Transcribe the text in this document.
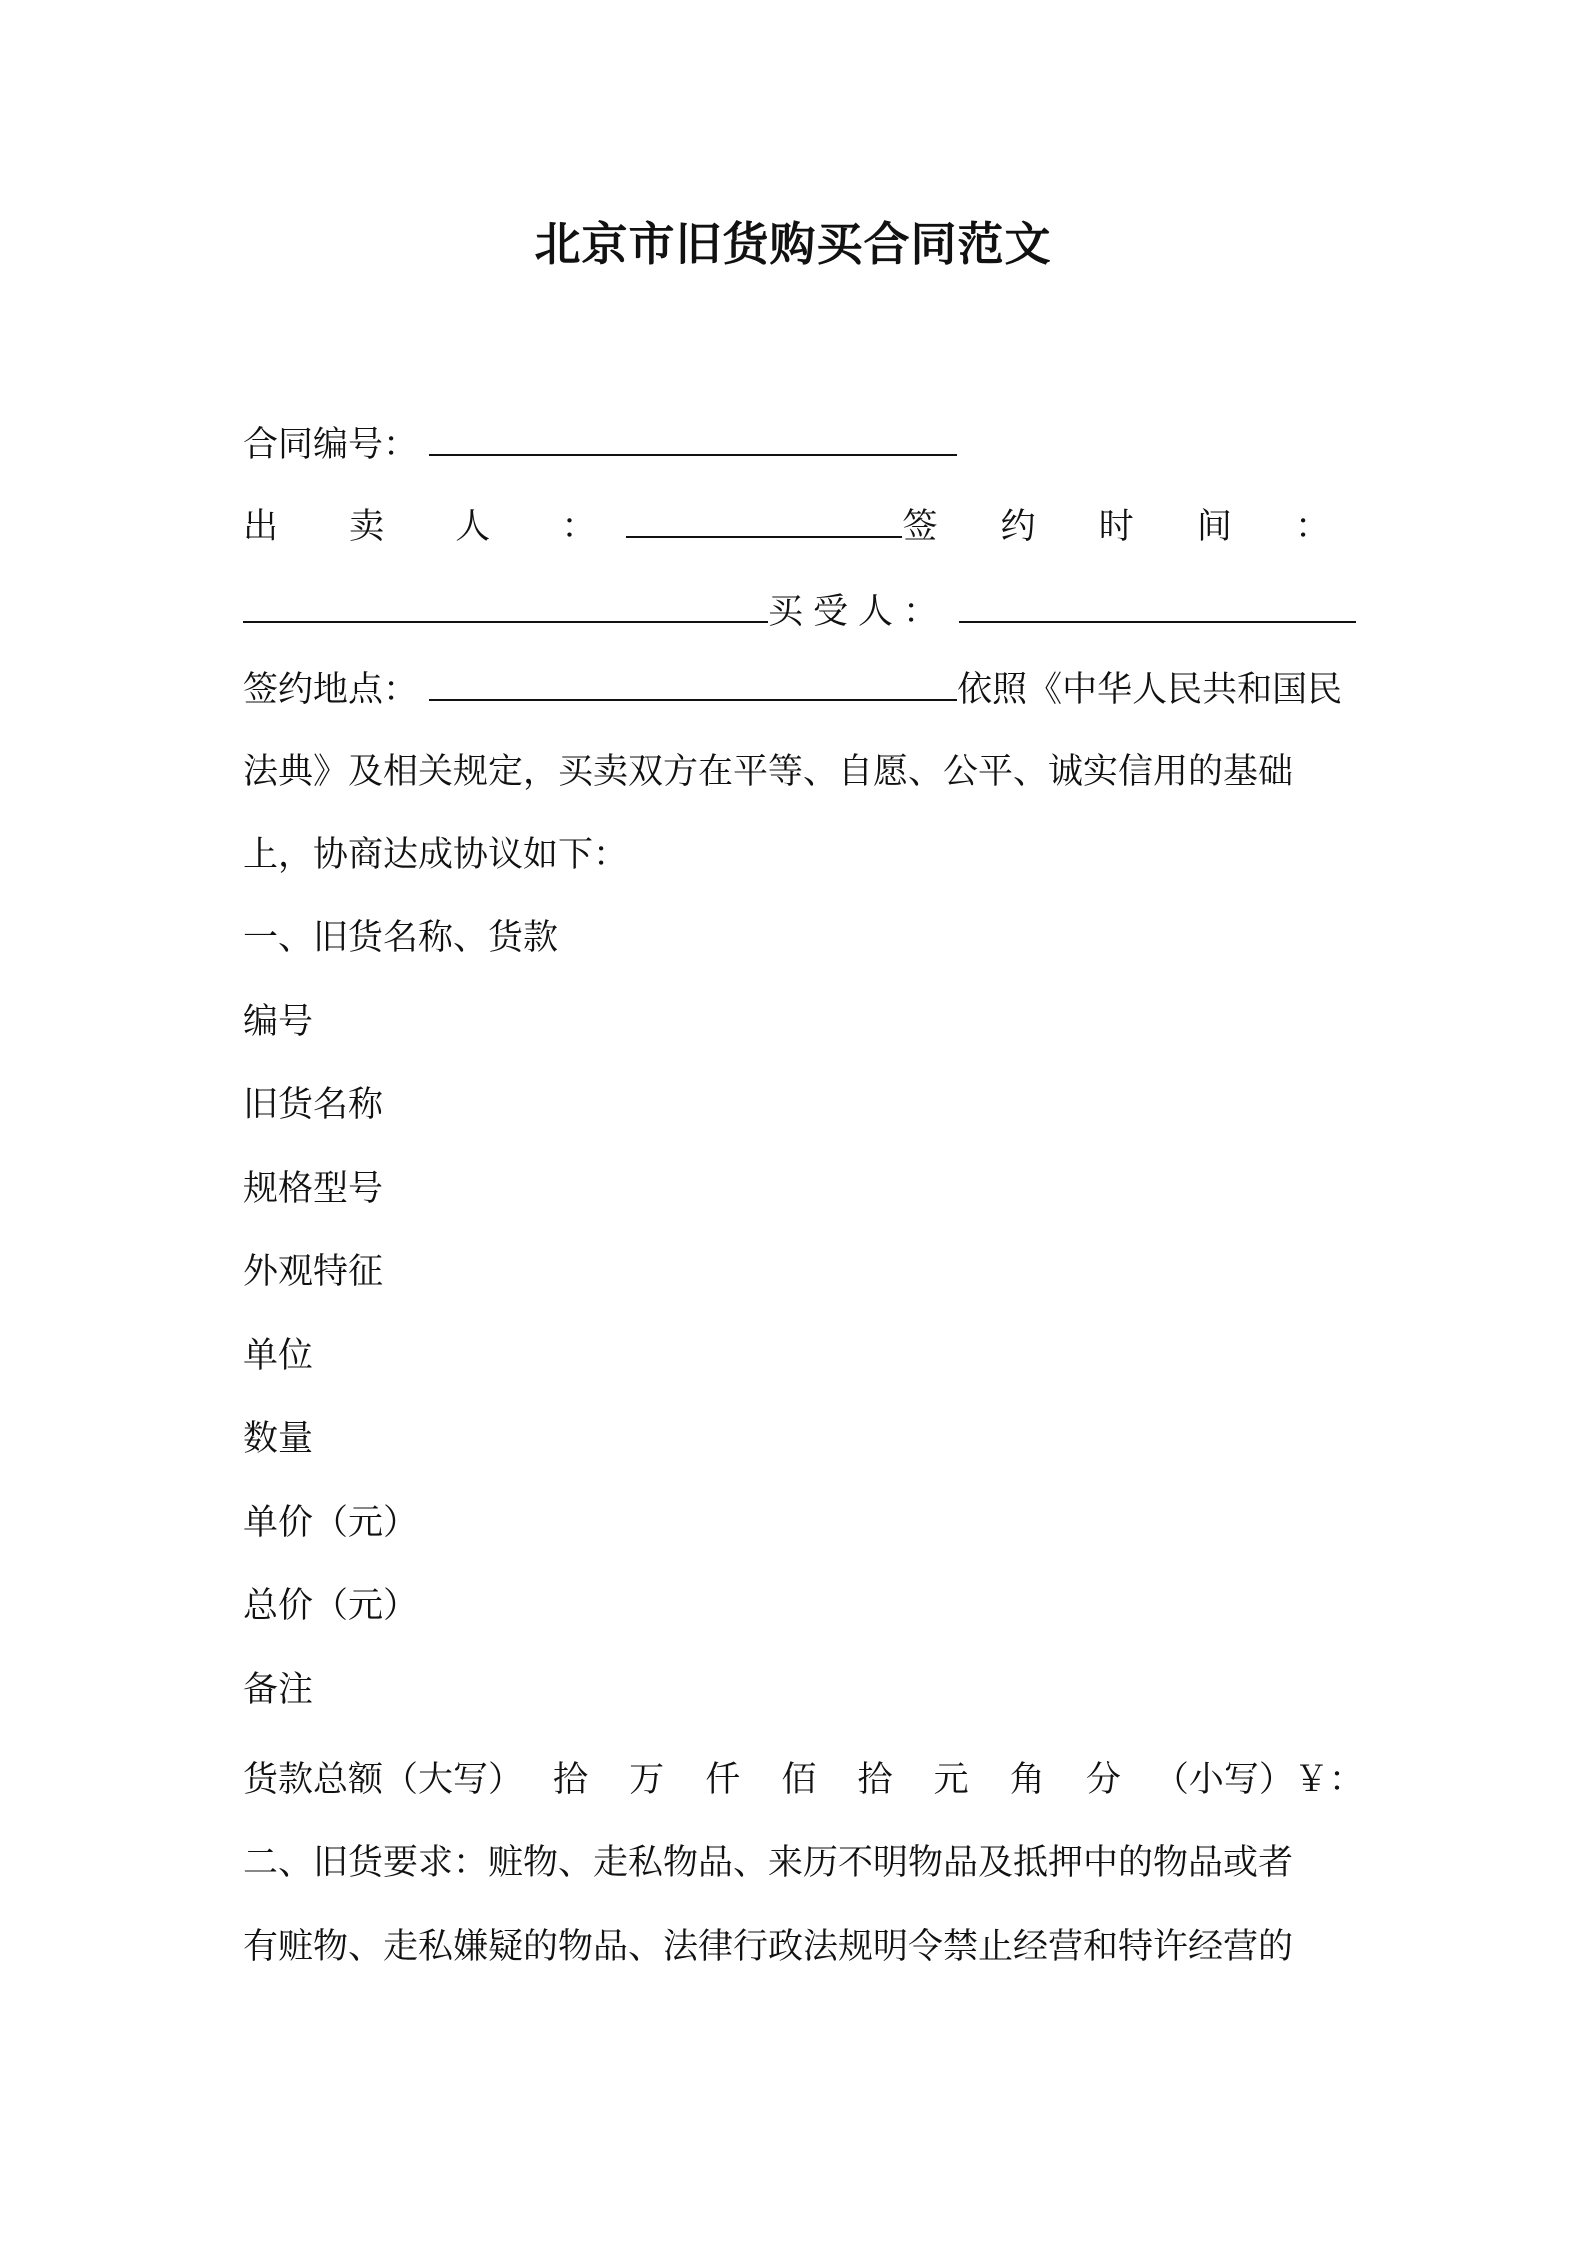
北京市旧货购买合同范文
合同编号：
出 卖 人 ：	签 约 时 间 ：
买受人：
签约地点：	依照《中华人民共和国民
法典》及相关规定，买卖双方在平等、自愿、公平、诚实信用的基础
上，协商达成协议如下：
一、旧货名称、货款
编号
旧货名称
规格型号
外观特征
单位
数量
单价（元）
总价（元）
备注
货款总额（大写） 拾 万 仟 佰 拾 元 角 分 （小写）￥：
二、旧货要求：赃物、走私物品、来历不明物品及抵押中的物品或者
有赃物、走私嫌疑的物品、法律行政法规明令禁止经营和特许经营的
